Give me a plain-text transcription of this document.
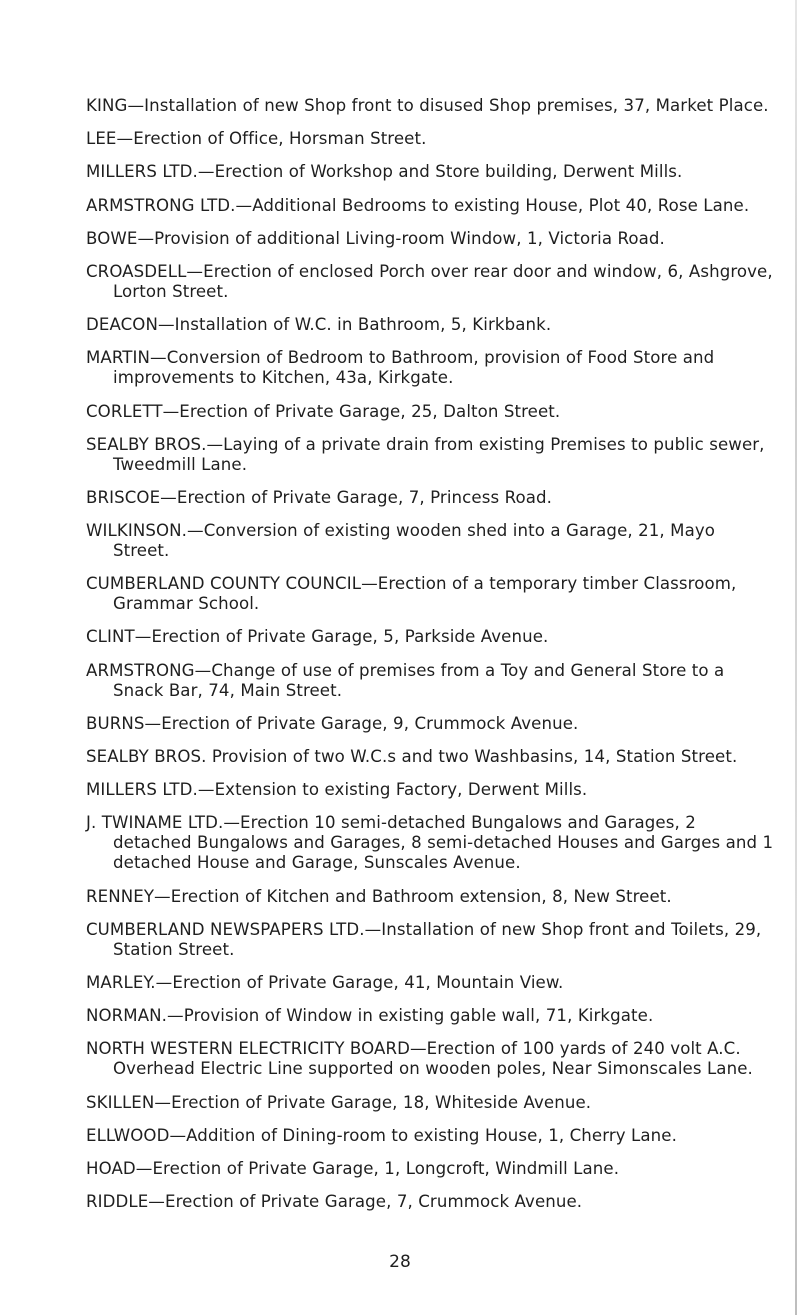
KING—Installation of new Shop front to disused Shop premises, 37, Market Place.
LEE—Erection of Office, Horsman Street.
MILLERS LTD.—Erection of Workshop and Store building, Derwent Mills.
ARMSTRONG LTD.—Additional Bedrooms to existing House, Plot 40, Rose Lane.
BOWE—Provision of additional Living-room Window, 1, Victoria Road.
CROASDELL—Erection of enclosed Porch over rear door and window, 6, Ashgrove, Lorton Street.
DEACON—Installation of W.C. in Bathroom, 5, Kirkbank.
MARTIN—Conversion of Bedroom to Bathroom, provision of Food Store and improvements to Kitchen, 43a, Kirkgate.
CORLETT—Erection of Private Garage, 25, Dalton Street.
SEALBY BROS.—Laying of a private drain from existing Premises to public sewer, Tweedmill Lane.
BRISCOE—Erection of Private Garage, 7, Princess Road.
WILKINSON.—Conversion of existing wooden shed into a Garage, 21, Mayo Street.
CUMBERLAND COUNTY COUNCIL—Erection of a temporary timber Classroom, Grammar School.
CLINT—Erection of Private Garage, 5, Parkside Avenue.
ARMSTRONG—Change of use of premises from a Toy and General Store to a Snack Bar, 74, Main Street.
BURNS—Erection of Private Garage, 9, Crummock Avenue.
SEALBY BROS. Provision of two W.C.s and two Washbasins, 14, Station Street.
MILLERS LTD.—Extension to existing Factory, Derwent Mills.
J. TWINAME LTD.—Erection 10 semi-detached Bungalows and Garages, 2 detached Bungalows and Garages, 8 semi-detached Houses and Garges and 1 detached House and Garage, Sunscales Avenue.
RENNEY—Erection of Kitchen and Bathroom extension, 8, New Street.
CUMBERLAND NEWSPAPERS LTD.—Installation of new Shop front and Toilets, 29, Station Street.
MARLEY.—Erection of Private Garage, 41, Mountain View.
NORMAN.—Provision of Window in existing gable wall, 71, Kirkgate.
NORTH WESTERN ELECTRICITY BOARD—Erection of 100 yards of 240 volt A.C. Overhead Electric Line supported on wooden poles, Near Simonscales Lane.
SKILLEN—Erection of Private Garage, 18, Whiteside Avenue.
ELLWOOD—Addition of Dining-room to existing House, 1, Cherry Lane.
HOAD—Erection of Private Garage, 1, Longcroft, Windmill Lane.
RIDDLE—Erection of Private Garage, 7, Crummock Avenue.
28
